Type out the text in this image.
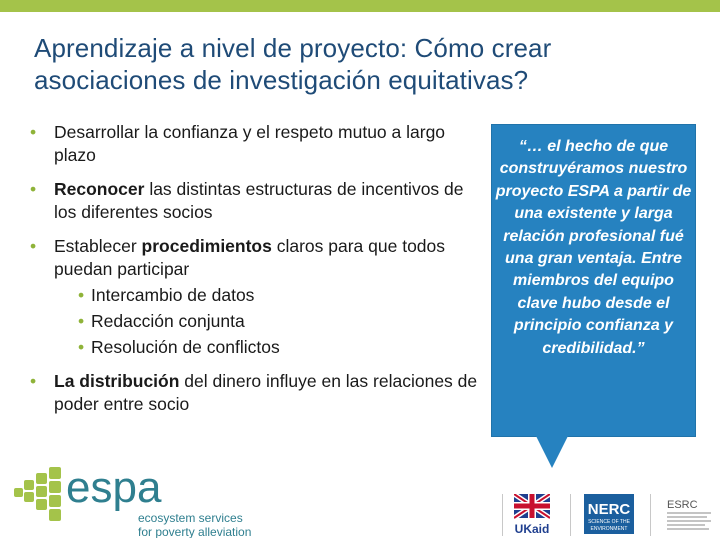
Aprendizaje a nivel de proyecto: Cómo crear asociaciones de investigación equitativas?
• Desarrollar la confianza y el respeto mutuo a largo plazo
• Reconocer las distintas estructuras de incentivos de los diferentes socios
• Establecer procedimientos claros para que todos puedan participar
• Intercambio de datos
• Redacción conjunta
• Resolución de conflictos
• La distribución del dinero influye en las relaciones de poder entre socio
“… el hecho de que construyéramos nuestro proyecto ESPA a partir de una existente y larga relación profesional fué una gran ventaja. Entre miembros del equipo clave hubo desde el principio confianza y credibilidad.”
espa
ecosystem services
for poverty alleviation	UKaid
NERC
SCIENCE OF THE
ENVIRONMENT
ESRC
